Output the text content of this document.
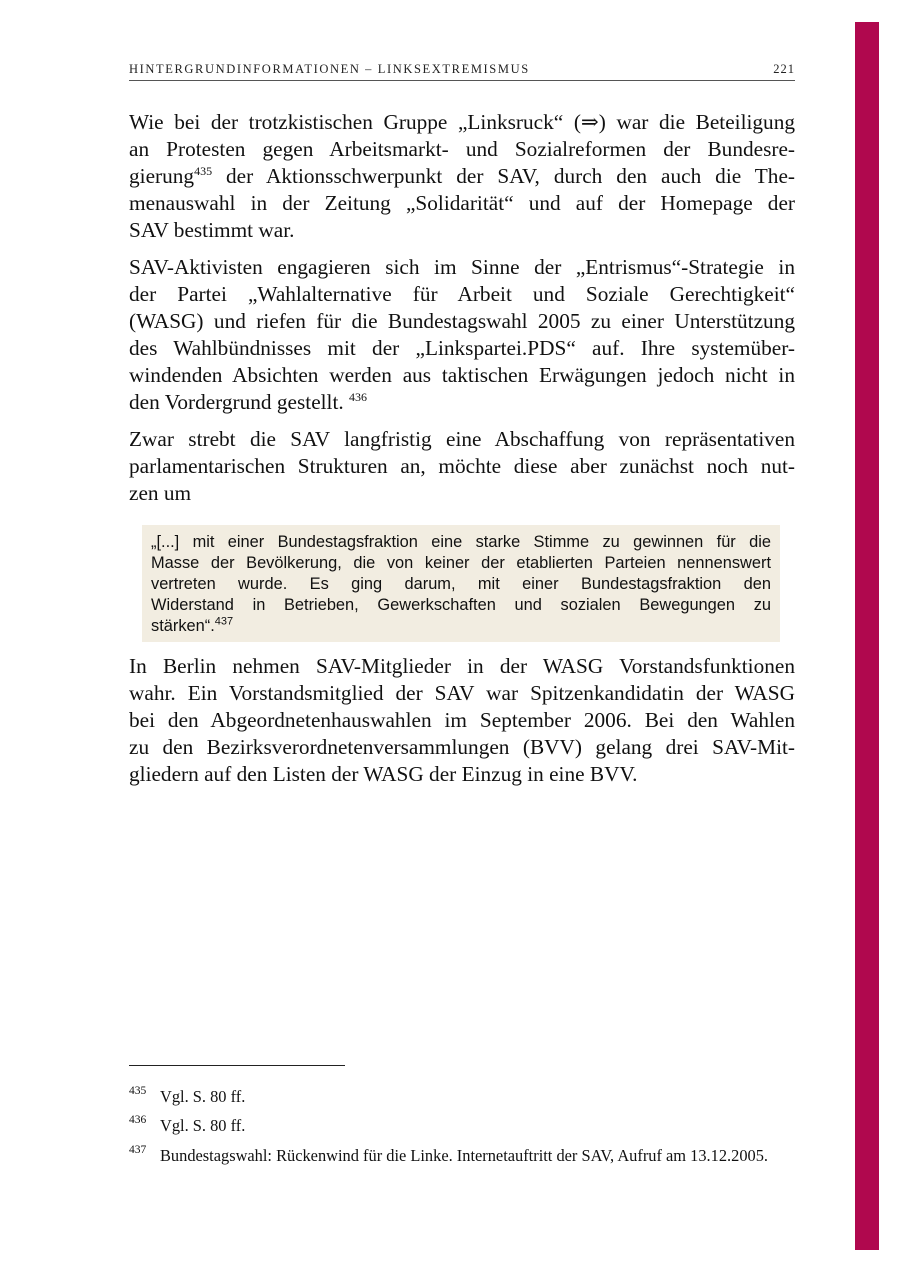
HINTERGRUNDINFORMATIONEN – LINKSEXTREMISMUS	221
Wie bei der trotzkistischen Gruppe „Linksruck“ (⇒) war die Beteiligung
an Protesten gegen Arbeitsmarkt- und Sozialreformen der Bundesre-
gierung$^{435}$ der Aktionsschwerpunkt der SAV, durch den auch die The-
menauswahl in der Zeitung „Solidarität“ und auf der Homepage der
SAV bestimmt war.
SAV-Aktivisten engagieren sich im Sinne der „Entrismus“-Strategie in
der Partei „Wahlalternative für Arbeit und Soziale Gerechtigkeit“
(WASG) und riefen für die Bundestagswahl 2005 zu einer Unterstützung
des Wahlbündnisses mit der „Linkspartei.PDS“ auf. Ihre systemüber-
windenden Absichten werden aus taktischen Erwägungen jedoch nicht in
den Vordergrund gestellt. $^{436}$
Zwar strebt die SAV langfristig eine Abschaffung von repräsentativen
parlamentarischen Strukturen an, möchte diese aber zunächst noch nut-
zen um
„[...] mit einer Bundestagsfraktion eine starke Stimme zu gewinnen für die
Masse der Bevölkerung, die von keiner der etablierten Parteien nennenswert
vertreten wurde. Es ging darum, mit einer Bundestagsfraktion den
Widerstand in Betrieben, Gewerkschaften und sozialen Bewegungen zu
stärken“.$^{437}$
In Berlin nehmen SAV-Mitglieder in der WASG Vorstandsfunktionen
wahr. Ein Vorstandsmitglied der SAV war Spitzenkandidatin der WASG
bei den Abgeordnetenhauswahlen im September 2006. Bei den Wahlen
zu den Bezirksverordnetenversammlungen (BVV) gelang drei SAV-Mit-
gliedern auf den Listen der WASG der Einzug in eine BVV.
435 Vgl. S. 80 ff.
436 Vgl. S. 80 ff.
437 Bundestagswahl: Rückenwind für die Linke. Internetauftritt der SAV, Aufruf am 13.12.2005.
